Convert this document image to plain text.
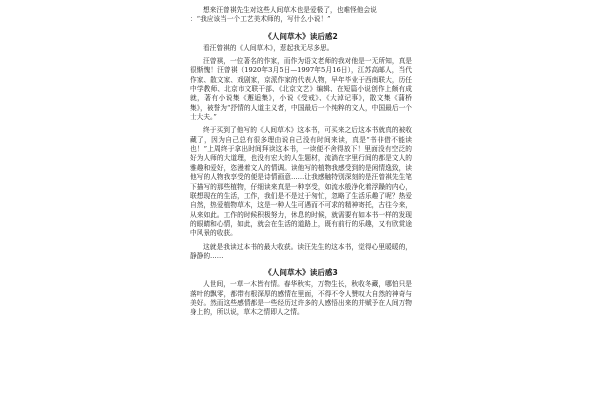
想来汪曾祺先生对这些人间草木也是爱极了，也难怪他会说

：“我应该当一个工艺美术师的，写什么小说！”

《人间草木》读后感2

看汪曾祺的《人间草木》，惹起我无尽多思。

汪曾祺，一位著名的作家，而作为语文老师的我对他是一无所知，真是很惭愧！汪曾祺（1920年3月5日—1997年5月16日），江苏高邮人，当代作家、散文家、戏剧家，京派作家的代表人物，早年毕业于西南联大，历任中学教师、北京市文联干部、《北京文艺》编辑、在短篇小说创作上颇有成就，著有小说集《邂逅集》，小说《受戒》、《大淖记事》，散文集《蒲桥集》，被誉为“抒情的人道主义者，中国最后一个纯粹的文人，中国最后一个士大夫。”

终于买到了他写的《人间草木》这本书，可买来之后这本书就真的被收藏了，因为自己总有很多理由说自己没有时间来读，真是“书非借不能读也！”上周终于拿出时间拜读这本书，一读便不舍得放下！里面没有空泛的好为人师的大道理，也没有宏大的人生题材，流淌在字里行间的都是文人的雅趣和爱好，恣漫着文人的情调。读他写的植物我感受到的是闲情逸致，读他写的人物我享受的便是诗情画意……让我感触特别深刻的是汪曾祺先生笔下描写的那些植物，仔细读来真是一种享受，如流水般净化着浮躁的内心，联想现在的生活，工作，我们是不是过于匆忙，忽略了生活乐趣了呢？热爱自然，热爱植物草木，这是一种人生可遇而不可求的精神寄托，古往今来，从来如此。工作的时候积极努力，休息的时候，就需要有如本书一样的发现的眼睛和心情，如此，就会在生活的道路上，既有前行的乐趣，又有欣赏途中风景的收获。

这就是我读过本书的最大收获。读汪先生的这本书，觉得心里暖暖的，静静的……

《人间草木》读后感3

人世间，一草一木皆有情。春华秋实，万物生长，秋收冬藏，哪怕只是落叶的飘零，都带有根深厚的感情在里面，不得不令人赞叹大自然的神奇与美好。然而这些感情都是一些经历过许多的人感悟出来的并赋予在人间万物身上的，所以说，草木之情即人之情。
